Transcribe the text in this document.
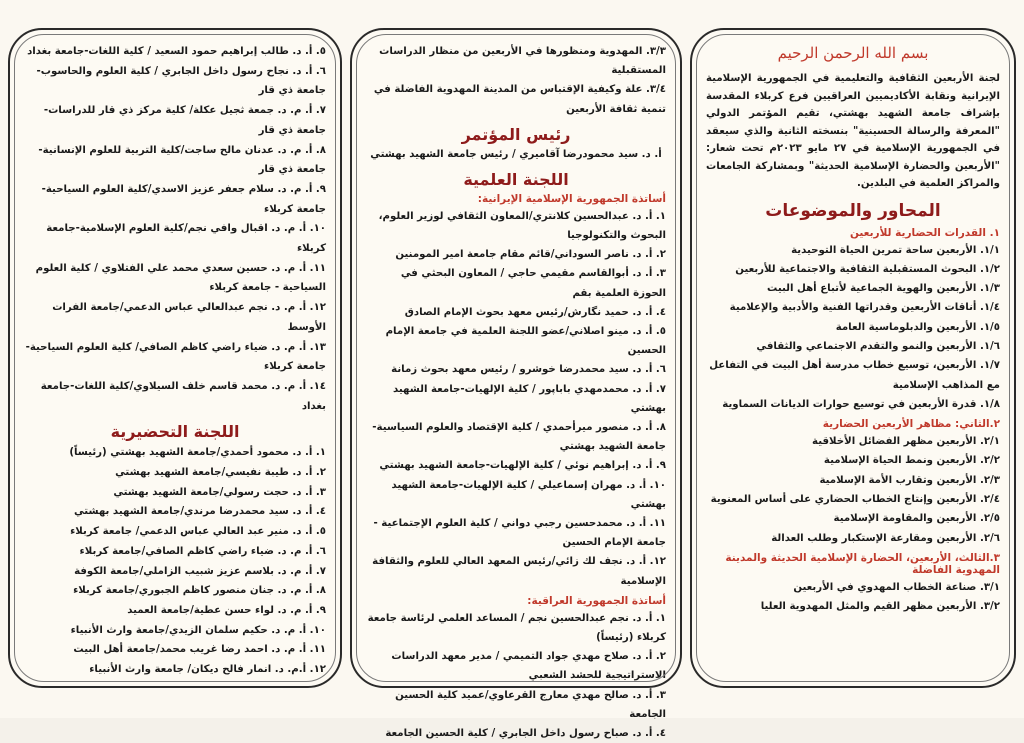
بسم الله الرحمن الرحيم
لجنة الأربعين الثقافية والتعليمية في الجمهورية الإسلامية الإيرانية ونقابة الأكاديميين العراقيين فرع كربلاء المقدسة بإشراف جامعة الشهيد بهشتي، تقيم المؤتمر الدولي "المعرفة والرسالة الحسينية" بنسخته الثانية والذي سيعقد في الجمهورية الإسلامية في ٢٧ مايو ٢٠٢٣م تحت شعار: "الأربعين والحضارة الإسلامية الحديثة" وبمشاركة الجامعات والمراكز العلمية في البلدين.
المحاور والموضوعات
١. القدرات الحضارية للأربعين
١/١. الأربعين ساحة تمرين الحياة التوحيدية
١/٢. البحوث المستقبلية الثقافية والاجتماعية للأربعين
١/٣. الأربعين والهوية الجماعية لأتباع أهل البيت
١/٤. أناقات الأربعين وقدراتها الفنية والأدبية والإعلامية
١/٥. الأربعين والدبلوماسية العامة
١/٦. الأربعين والنمو والتقدم الاجتماعي والثقافي
١/٧. الأربعين، توسيع خطاب مدرسة أهل البيت في التفاعل مع المذاهب الإسلامية
١/٨. قدرة الأربعين في توسيع حوارات الديانات السماوية
٢.الثاني: مظاهر الأربعين الحضارية
٢/١. الأربعين مظهر الفضائل الأخلاقية
٢/٢. الأربعين ونمط الحياة الإسلامية
٢/٣. الأربعين وتقارب الأمة الإسلامية
٢/٤. الأربعين وإنتاج الخطاب الحضاري على أساس المعنوية
٢/٥. الأربعين والمقاومة الإسلامية
٢/٦. الأربعين ومقارعة الإستكبار وطلب العدالة
٣.الثالث، الأربعين، الحضارة الإسلامية الحديثة والمدينة المهدوية الفاضلة
٣/١. صناعة الخطاب المهدوي في الأربعين
٣/٢. الأربعين مظهر القيم والمثل المهدوية العليا
٣/٣. المهدوية ومنظورها في الأربعين من منظار الدراسات المستقبلية
٣/٤. علة وكيفية الإقتباس من المدينة المهدوية الفاضلة في تنمية ثقافة الأربعين
رئيس المؤتمر
أ. د. سيد محمودرضا آقاميري / رئيس جامعة الشهيد بهشتي
اللجنة العلمية
أساتذة الجمهورية الإسلامية الإيرانية:
١. أ. د. عبدالحسين كلانتري/المعاون الثقافي لوزير العلوم، البحوث والتكنولوجيا
٢. أ. د. ناصر السوداني/قائم مقام جامعة امير المومنين
٣. أ. د. أبوالقاسم مقيمي حاجي / المعاون البحثي في الحوزة العلمية بقم
٤. أ. د. حميد نگارش/رئيس معهد بحوث الإمام الصادق
٥. أ. د. مينو اصلاني/عضو اللجنة العلمية في جامعة الإمام الحسين
٦. أ. د. سيد محمدرضا خوشرو / رئيس معهد بحوث زمانة
٧. أ. د. محمدمهدي باباپور / كلية الإلهيات-جامعة الشهيد بهشتي
٨. أ. د. منصور ميرأحمدي / كلية الإقتصاد والعلوم السياسية-جامعة الشهيد بهشتي
٩. أ. د. إبراهيم نوئي / كلية الإلهيات-جامعة الشهيد بهشتي
١٠. أ. د. مهران إسماعيلي / كلية الإلهيات-جامعة الشهيد بهشتي
١١. أ. د. محمدحسين رجبي دواني / كلية العلوم الإجتماعية - جامعة الإمام الحسين
١٢. أ. د. نجف لك زائي/رئيس المعهد العالي للعلوم والثقافة الإسلامية
أساتذة الجمهورية العراقية:
١. أ. د. نجم عبدالحسين نجم / المساعد العلمي لرئاسة جامعة كربلاء (رئيساً)
٢. أ. د. صلاح مهدي جواد التميمي / مدير معهد الدراسات الاستراتيجية للحشد الشعبي
٣. أ. د. صالح مهدي معارج القرعاوي/عميد كلية الحسين الجامعة
٤. أ. د. صباح رسول داخل الجابري / كلية الحسين الجامعة
٥. أ. د. طالب إبراهيم حمود السعيد / كلية اللغات-جامعة بغداد
٦. أ. د. نجاح رسول داخل الجابري / كلية العلوم والحاسوب-جامعة ذي قار
٧. أ. م. د. جمعة ثجيل عكلة/ كلية مركز ذي قار للدراسات-جامعة ذي قار
٨. أ. م. د. عدنان مالح ساجت/كلية التربية للعلوم الإنسانية-جامعة ذي قار
٩. أ. م. د. سلام جعفر عزيز الاسدي/كلية العلوم السياحية-جامعة كربلاء
١٠. أ. م. د. اقبال وافي نجم/كلية العلوم الإسلامية-جامعة كربلاء
١١. أ. م. د. حسين سعدي محمد علي الفتلاوي / كلية العلوم السياحية - جامعة كربلاء
١٢. أ. م. د. نجم عبدالعالي عباس الدعمي/جامعة الفرات الأوسط
١٣. أ. م. د. ضياء راضي كاظم الصافي/ كلية العلوم السياحية-جامعة كربلاء
١٤. أ. م. د. محمد قاسم خلف السيلاوي/كلية اللغات-جامعة بغداد
اللجنة التحضيرية
١. أ. د. محمود أحمدي/جامعة الشهيد بهشتي (رئيساً)
٢. أ. د. طيبة نفيسي/جامعة الشهيد بهشتي
٣. أ. د. حجت رسولي/جامعة الشهيد بهشتي
٤. أ. د. سيد محمدرضا مرندي/جامعة الشهيد بهشتي
٥. أ. د. منير عبد العالي عباس الدعمي/ جامعة كربلاء
٦. أ. م. د. ضياء راضي كاظم الصافي/جامعة كربلاء
٧. أ. م. د. بلاسم عزيز شبيب الزاملي/جامعة الكوفة
٨. أ. م. د. جنان منصور كاظم الجبوري/جامعة كربلاء
٩. أ. م. د. لواء حسن عطية/جامعة العميد
١٠. أ. م. د. حكيم سلمان الزيدي/جامعة وارث الأنبياء
١١. أ. م. د. احمد رضا غريب محمد/جامعة أهل البيت
١٢. أ.م. د. انمار فالح ديكان/ جامعة وارث الأنبياء
